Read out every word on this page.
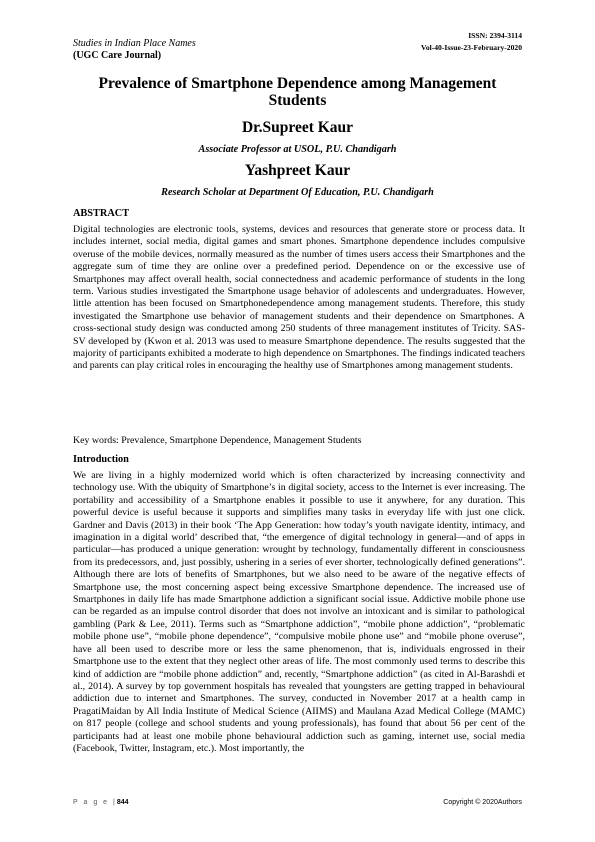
Studies in Indian Place Names
(UGC Care Journal)
ISSN: 2394-3114
Vol-40-Issue-23-February-2020
Prevalence of Smartphone Dependence among Management Students
Dr.Supreet Kaur
Associate Professor at USOL, P.U. Chandigarh
Yashpreet Kaur
Research Scholar at Department Of Education, P.U. Chandigarh
ABSTRACT

Digital technologies are electronic tools, systems, devices and resources that generate store or process data. It includes internet, social media, digital games and smart phones. Smartphone dependence includes compulsive overuse of the mobile devices, normally measured as the number of times users access their Smartphones and the aggregate sum of time they are online over a predefined period. Dependence on or the excessive use of Smartphones may affect overall health, social connectedness and academic performance of students in the long term. Various studies investigated the Smartphone usage behavior of adolescents and undergraduates. However, little attention has been focused on Smartphonedependence among management students. Therefore, this study investigated the Smartphone use behavior of management students and their dependence on Smartphones. A cross-sectional study design was conducted among 250 students of three management institutes of Tricity. SAS-SV developed by (Kwon et al. 2013 was used to measure Smartphone dependence. The results suggested that the majority of participants exhibited a moderate to high dependence on Smartphones. The findings indicated teachers and parents can play critical roles in encouraging the healthy use of Smartphones among management students.

Key words: Prevalence, Smartphone Dependence, Management Students

Introduction

We are living in a highly modernized world which is often characterized by increasing connectivity and technology use. With the ubiquity of Smartphone’s in digital society, access to the Internet is ever increasing. The portability and accessibility of a Smartphone enables it possible to use it anywhere, for any duration. This powerful device is useful because it supports and simplifies many tasks in everyday life with just one click. Gardner and Davis (2013) in their book ‘The App Generation: how today’s youth navigate identity, intimacy, and imagination in a digital world’ described that, “the emergence of digital technology in general—and of apps in particular—has produced a unique generation: wrought by technology, fundamentally different in consciousness from its predecessors, and, just possibly, ushering in a series of ever shorter, technologically defined generations”. Although there are lots of benefits of Smartphones, but we also need to be aware of the negative effects of Smartphone use, the most concerning aspect being excessive Smartphone dependence. The increased use of Smartphones in daily life has made Smartphone addiction a significant social issue. Addictive mobile phone use can be regarded as an impulse control disorder that does not involve an intoxicant and is similar to pathological gambling (Park & Lee, 2011). Terms such as “Smartphone addiction”, “mobile phone addiction”, “problematic mobile phone use”, “mobile phone dependence”, “compulsive mobile phone use” and “mobile phone overuse”, have all been used to describe more or less the same phenomenon, that is, individuals engrossed in their Smartphone use to the extent that they neglect other areas of life. The most commonly used terms to describe this kind of addiction are “mobile phone addiction” and, recently, “Smartphone addiction” (as cited in Al-Barashdi et al., 2014). A survey by top government hospitals has revealed that youngsters are getting trapped in behavioural addiction due to internet and Smartphones. The survey, conducted in November 2017 at a health camp in PragatiMaidan by All India Institute of Medical Science (AIIMS) and Maulana Azad Medical College (MAMC) on 817 people (college and school students and young professionals), has found that about 56 per cent of the participants had at least one mobile phone behavioural addiction such as gaming, internet use, social media (Facebook, Twitter, Instagram, etc.). Most importantly, the

P a g e |844	Copyright © 2020Authors
